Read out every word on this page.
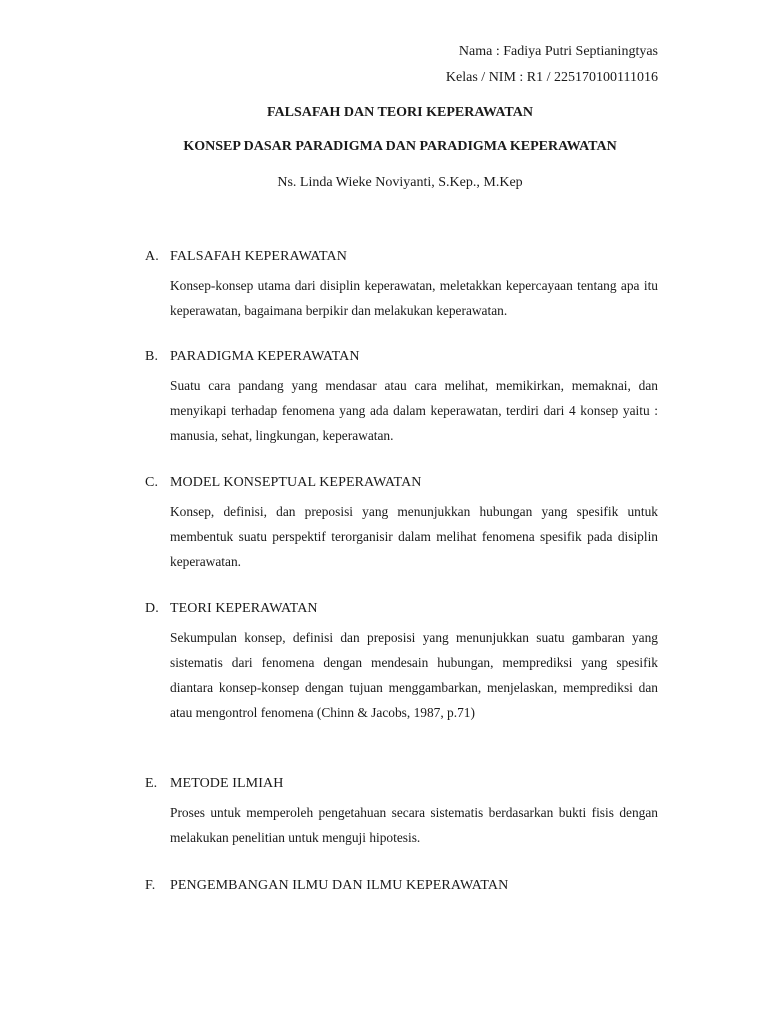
Nama : Fadiya Putri Septianingtyas
Kelas / NIM : R1 / 225170100111016
FALSAFAH DAN TEORI KEPERAWATAN
KONSEP DASAR PARADIGMA DAN PARADIGMA KEPERAWATAN
Ns. Linda Wieke Noviyanti, S.Kep., M.Kep
A. FALSAFAH KEPERAWATAN
Konsep-konsep utama dari disiplin keperawatan, meletakkan kepercayaan tentang apa itu keperawatan, bagaimana berpikir dan melakukan keperawatan.
B. PARADIGMA KEPERAWATAN
Suatu cara pandang yang mendasar atau cara melihat, memikirkan, memaknai, dan menyikapi terhadap fenomena yang ada dalam keperawatan, terdiri dari 4 konsep yaitu : manusia, sehat, lingkungan, keperawatan.
C. MODEL KONSEPTUAL KEPERAWATAN
Konsep, definisi, dan preposisi yang menunjukkan hubungan yang spesifik untuk membentuk suatu perspektif terorganisir dalam melihat fenomena spesifik pada disiplin keperawatan.
D. TEORI KEPERAWATAN
Sekumpulan konsep, definisi dan preposisi yang menunjukkan suatu gambaran yang sistematis dari fenomena dengan mendesain hubungan, memprediksi yang spesifik diantara konsep-konsep dengan tujuan menggambarkan, menjelaskan, memprediksi dan atau mengontrol fenomena (Chinn & Jacobs, 1987, p.71)
E. METODE ILMIAH
Proses untuk memperoleh pengetahuan secara sistematis berdasarkan bukti fisis dengan melakukan penelitian untuk menguji hipotesis.
F.	PENGEMBANGAN ILMU DAN ILMU KEPERAWATAN
